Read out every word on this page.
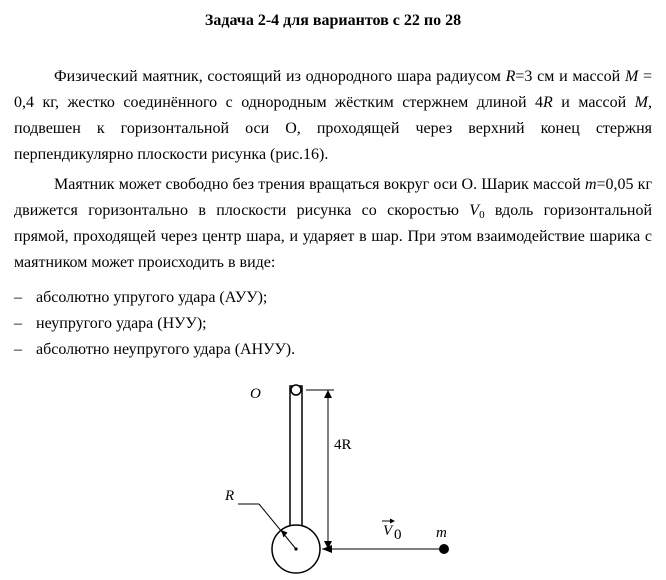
Задача 2-4 для вариантов с 22 по 28

Физический маятник, состоящий из однородного шара радиусом R=3 см и массой M = 0,4 кг, жестко соединённого с однородным жёстким стержнем длиной 4R и массой M, подвешен к горизонтальной оси О, проходящей через верхний конец стержня перпендикулярно плоскости рисунка (рис.16).

Маятник может свободно без трения вращаться вокруг оси О. Шарик массой m=0,05 кг движется горизонтально в плоскости рисунка со скоростью $V_0$ вдоль горизонтальной прямой, проходящей через центр шара, и ударяет в шар. При этом взаимодействие шарика с маятником может происходить в виде:

– абсолютно упругого удара (АУУ);
– неупругого удара (НУУ);
– абсолютно неупругого удара (АНУУ).
O
4R
R
V 0 m
